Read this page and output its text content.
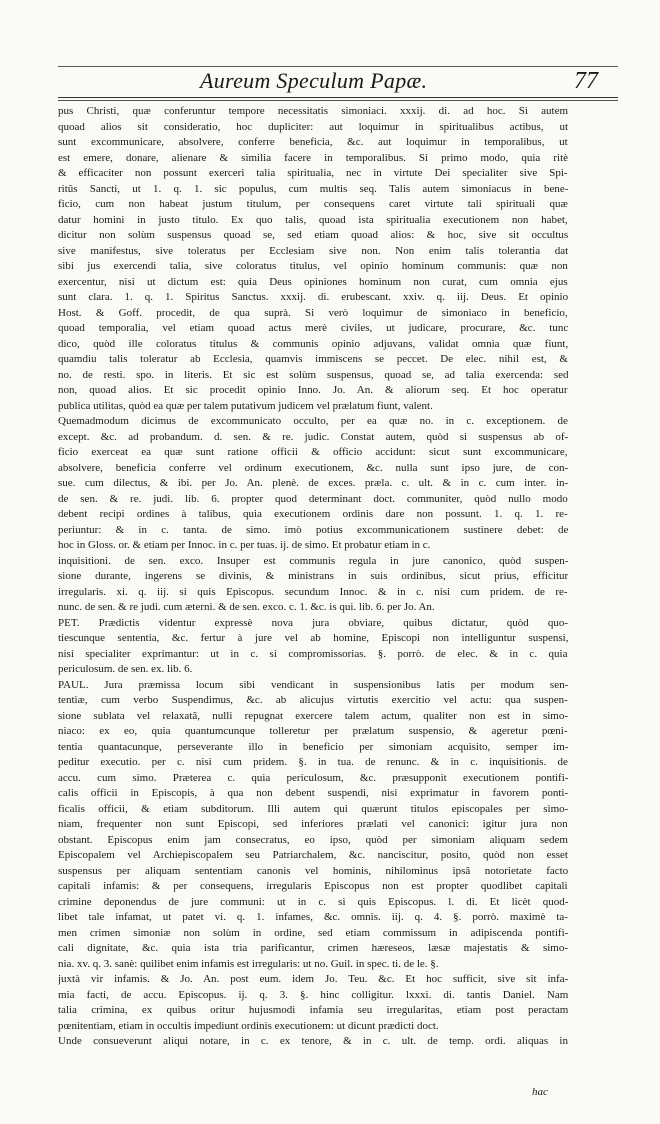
Aureum Speculum Papæ.	77
pus Christi, quæ conferuntur tempore necessitatis simoniaci. xxxij. di. ad hoc. Si autem
quoad alios sit consideratio, hoc dupliciter: aut loquimur in spiritualibus actibus, ut
sunt excommunicare, absolvere, conferre beneficia, &c. aut loquimur in temporalibus, ut
est emere, donare, alienare & similia facere in temporalibus. Si primo modo, quia ritè
& efficaciter non possunt exerceri talia spiritualia, nec in virtute Dei specialiter sive Spi-
ritûs Sancti, ut 1. q. 1. sic populus, cum multis seq. Talis autem simoniacus in bene-
ficio, cum non habeat justum titulum, per consequens caret virtute tali spirituali quæ
datur homini in justo titulo. Ex quo talis, quoad ista spiritualia executionem non habet,
dicitur non solùm suspensus quoad se, sed etiam quoad alios: & hoc, sive sit occultus
sive manifestus, sive toleratus per Ecclesiam sive non. Non enim talis tolerantia dat
sibi jus exercendi talia, sive coloratus titulus, vel opinio hominum communis: quæ non
exercentur, nisi ut dictum est: quia Deus opiniones hominum non curat, cum omnia ejus
sunt clara. 1. q. 1. Spiritus Sanctus. xxxij. di. erubescant. xxiv. q. iij. Deus. Et opinio
Host. & Goff. procedit, de qua suprà. Si verò loquimur de simoniaco in beneficio,
quoad temporalia, vel etiam quoad actus merè civiles, ut judicare, procurare, &c. tunc
dico, quòd ille coloratus titulus & communis opinio adjuvans, validat omnia quæ fiunt,
quamdiu talis toleratur ab Ecclesia, quamvis immiscens se peccet. De elec. nihil est, &
no. de resti. spo. in literis. Et sic est solùm suspensus, quoad se, ad talia exercenda: sed
non, quoad alios. Et sic procedit opinio Inno. Jo. An. & aliorum seq. Et hoc operatur
publica utilitas, quòd ea quæ per talem putativum judicem vel prælatum fiunt, valent.
Quemadmodum dicimus de excommunicato occulto, per ea quæ no. in c. exceptionem. de
except. &c. ad probandum. d. sen. & re. judic. Constat autem, quòd si suspensus ab of-
ficio exerceat ea quæ sunt ratione officii & officio accidunt: sicut sunt excommunicare,
absolvere, beneficia conferre vel ordinum executionem, &c. nulla sunt ipso jure, de con-
sue. cum dilectus, & ibi. per Jo. An. plenè. de exces. præla. c. ult. & in c. cum inter. in-
de sen. & re. judi. lib. 6. propter quod determinant doct. communiter, quòd nullo modo
debent recipi ordines à talibus, quia executionem ordinis dare non possunt. 1. q. 1. re-
periuntur: & in c. tanta. de simo. imò potius excommunicationem sustinere debet: de
hoc in Gloss. or. & etiam per Innoc. in c. per tuas. ij. de simo. Et probatur etiam in c.
inquisitioni. de sen. exco. Insuper est communis regula in jure canonico, quòd suspen-
sione durante, ingerens se divinis, & ministrans in suis ordinibus, sicut prius, efficitur
irregularis. xi. q. iij. si quis Episcopus. secundum Innoc. & in c. nisi cum pridem. de re-
nunc. de sen. & re judi. cum æterni. & de sen. exco. c. 1. &c. is qui. lib. 6. per Jo. An.
PET. Prædictis videntur expressè nova jura obviare, quibus dictatur, quòd quo-
tiescunque sententia, &c. fertur à jure vel ab homine, Episcopi non intelliguntur suspensi,
nisi specialiter exprimantur: ut in c. si compromissorias. §. porrò. de elec. & in c. quia
periculosum. de sen. ex. lib. 6.
PAUL. Jura præmissa locum sibi vendicant in suspensionibus latis per modum sen-
tentiæ, cum verbo Suspendimus, &c. ab alicujus virtutis exercitio vel actu: qua suspen-
sione sublata vel relaxatâ, nulli repugnat exercere talem actum, qualiter non est in simo-
niaco: ex eo, quia quantumcunque tolleretur per prælatum suspensio, & ageretur pœni-
tentia quantacunque, perseverante illo in beneficio per simoniam acquisito, semper im-
peditur executio. per c. nisi cum pridem. §. in tua. de renunc. & in c. inquisitionis. de
accu. cum simo. Præterea c. quia periculosum, &c. præsupponit executionem pontifi-
calis officii in Episcopis, à qua non debent suspendi, nisi exprimatur in favorem ponti-
ficalis officii, & etiam subditorum. Illi autem qui quærunt titulos episcopales per simo-
niam, frequenter non sunt Episcopi, sed inferiores prælati vel canonici: igitur jura non
obstant. Episcopus enim jam consecratus, eo ipso, quòd per simoniam aliquam sedem
Episcopalem vel Archiepiscopalem seu Patriarchalem, &c. nanciscitur, posito, quòd non esset
suspensus per aliquam sententiam canonis vel hominis, nihilominus ipsâ notorietate facto
capitali infamis: & per consequens, irregularis Episcopus non est propter quodlibet capitali
crimine deponendus de jure communi: ut in c. si quis Episcopus. l. di. Et licèt quod-
libet tale infamat, ut patet vi. q. 1. infames, &c. omnis. iij. q. 4. §. porrò. maximè ta-
men crimen simoniæ non solùm in ordine, sed etiam commissum in adipiscenda pontifi-
cali dignitate, &c. quia ista tria parificantur, crimen hæreseos, læsæ majestatis & simo-
nia. xv. q. 3. sanè: quilibet enim infamis est irregularis: ut no. Guil. in spec. ti. de le. §.
juxtà vir infamis. & Jo. An. post eum. idem Jo. Teu. &c. Et hoc sufficit, sive sit infa-
mia facti, de accu. Episcopus. ij. q. 3. §. hinc colligitur. lxxxi. di. tantis Daniel. Nam
talia crimina, ex quibus oritur hujusmodi infamia seu irregularitas, etiam post peractam
pœnitentiam, etiam in occultis impediunt ordinis executionem: ut dicunt prædicti doct.
Unde consueverunt aliqui notare, in c. ex tenore, & in c. ult. de temp. ordi. aliquas in
hac
